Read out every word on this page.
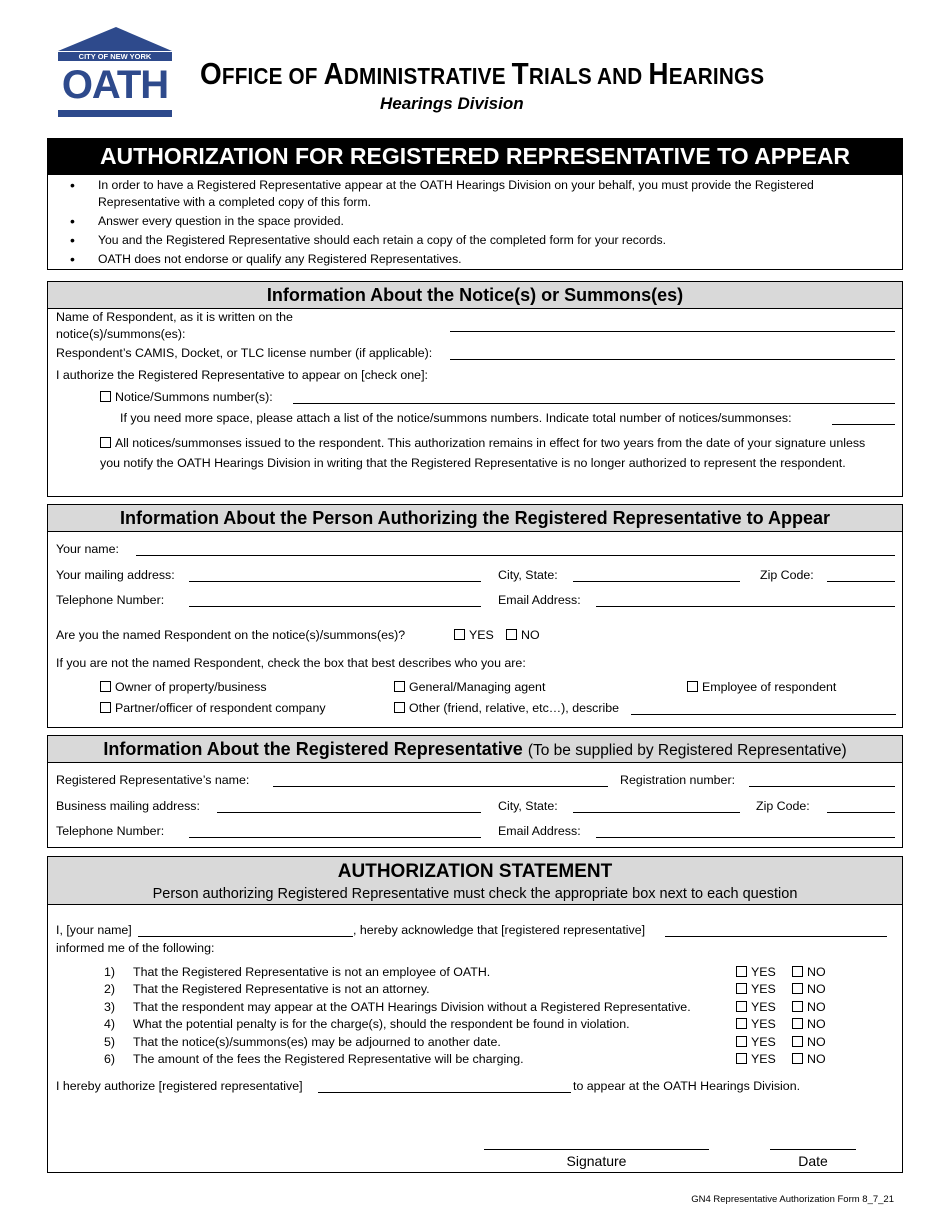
CITY OF NEW YORK
OATH OFFICE OF ADMINISTRATIVE TRIALS AND HEARINGS
Hearings Division
AUTHORIZATION FOR REGISTERED REPRESENTATIVE TO APPEAR
• In order to have a Registered Representative appear at the OATH Hearings Division on your behalf, you must provide the Registered Representative with a completed copy of this form.
• Answer every question in the space provided.
• You and the Registered Representative should each retain a copy of the completed form for your records.
• OATH does not endorse or qualify any Registered Representatives.
Information About the Notice(s) or Summons(es)
Name of Respondent, as it is written on the notice(s)/summons(es):
Respondent’s CAMIS, Docket, or TLC license number (if applicable):
I authorize the Registered Representative to appear on [check one]:
Notice/Summons number(s):
If you need more space, please attach a list of the notice/summons numbers. Indicate total number of notices/summonses:
All notices/summonses issued to the respondent. This authorization remains in effect for two years from the date of your signature unless you notify the OATH Hearings Division in writing that the Registered Representative is no longer authorized to represent the respondent.
Information About the Person Authorizing the Registered Representative to Appear
Your name:
Your mailing address:	City, State:	Zip Code:
Telephone Number:	Email Address:
Are you the named Respondent on the notice(s)/summons(es)?	YES	NO
If you are not the named Respondent, check the box that best describes who you are:
Owner of property/business	General/Managing agent	Employee of respondent
Partner/officer of respondent company	Other (friend, relative, etc…), describe
Information About the Registered Representative (To be supplied by Registered Representative)
Registered Representative’s name:	Registration number:
Business mailing address:	City, State:	Zip Code:
Telephone Number:	Email Address:
AUTHORIZATION STATEMENT
Person authorizing Registered Representative must check the appropriate box next to each question
I, [your name]	, hereby acknowledge that [registered representative]
informed me of the following:
1) That the Registered Representative is not an employee of OATH.	YES	NO
2) That the Registered Representative is not an attorney.	YES	NO
3) That the respondent may appear at the OATH Hearings Division without a Registered Representative.	YES	NO
4) What the potential penalty is for the charge(s), should the respondent be found in violation.	YES	NO
5) That the notice(s)/summons(es) may be adjourned to another date.	YES	NO
6) The amount of the fees the Registered Representative will be charging.	YES	NO
I hereby authorize [registered representative]	to appear at the OATH Hearings Division.
Signature	Date
GN4 Representative Authorization Form 8_7_21
